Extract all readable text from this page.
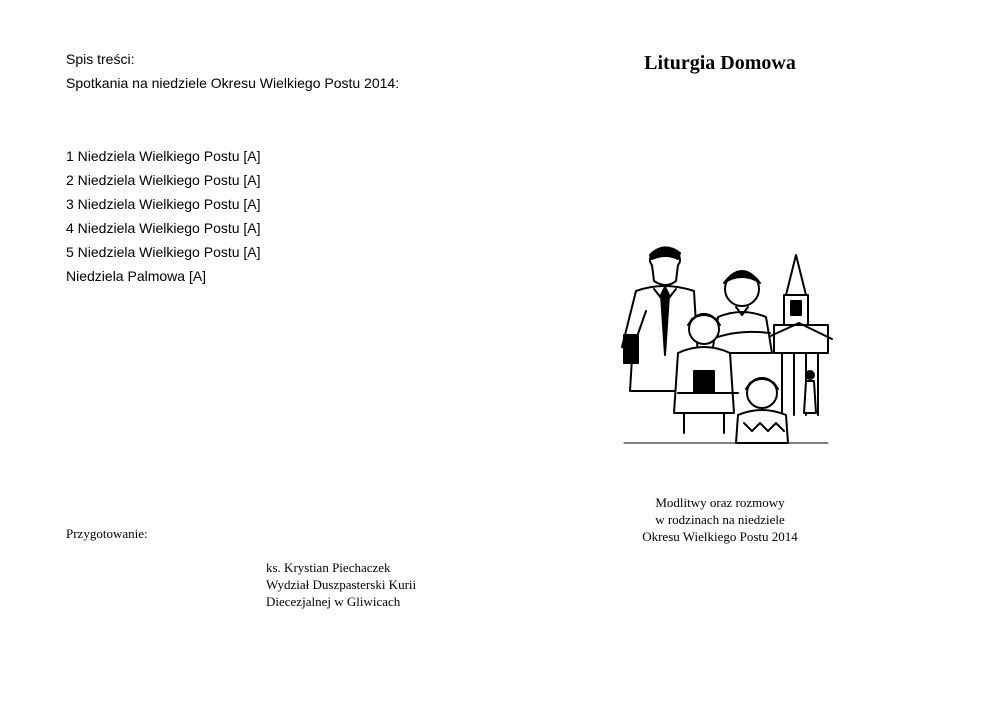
Spis treści:
Spotkania na niedziele Okresu Wielkiego Postu 2014:
1 Niedziela Wielkiego Postu [A]
2 Niedziela Wielkiego Postu [A]
3 Niedziela Wielkiego Postu [A]
4 Niedziela Wielkiego Postu [A]
5 Niedziela Wielkiego Postu [A]
Niedziela Palmowa [A]
Przygotowanie:
ks. Krystian Piechaczek
Wydział Duszpasterski Kurii
Diecezjalnej w Gliwicach
Liturgia Domowa
Modlitwy oraz rozmowy
w rodzinach na niedziele
Okresu Wielkiego Postu 2014
